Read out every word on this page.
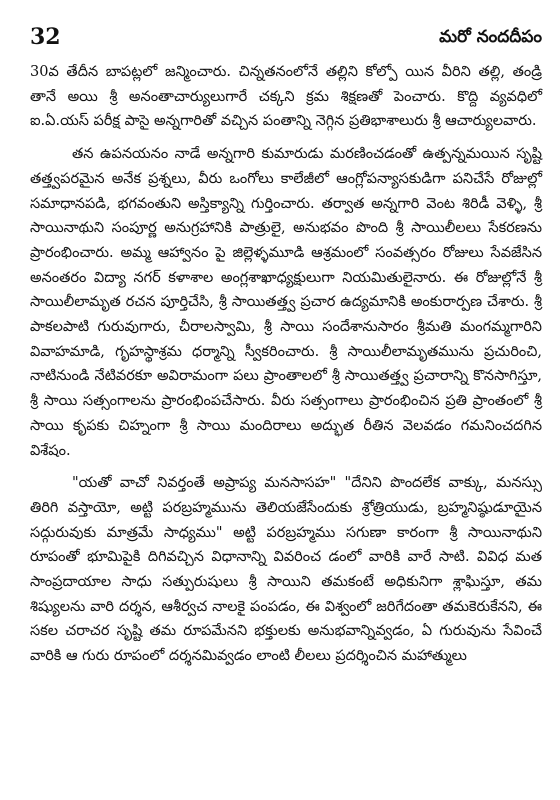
32	మరో నందదీపం

30వ తేదీన బాపట్లలో జన్మించారు. చిన్నతనంలోనే తల్లిని కోల్పో యిన వీరిని తల్లి, తండ్రి తానే అయి శ్రీ అనంతాచార్యులుగారే చక్కని క్రమ శిక్షణతో పెంచారు. కొద్ది వ్యవధిలో ఐ.ఏ.యస్ పరీక్ష పాసై అన్నగారితో వచ్చిన పంతాన్ని నెగ్గిన ప్రతిభాశాలురు శ్రీ ఆచార్యులవారు.

తన ఉపనయనం నాడే అన్నగారి కుమారుడు మరణించడంతో ఉత్పన్నమయిన సృష్టి తత్త్వపరమైన అనేక ప్రశ్నలు, వీరు ఒంగోలు కాలేజీలో ఆంగ్లోపన్యాసకుడిగా పనిచేసే రోజుల్లో సమాధానపడి, భగవంతుని అస్తిక్యాన్ని గుర్తించారు. తర్వాత అన్నగారి వెంట శిరిడీ వెళ్ళి, శ్రీ సాయినాథుని సంపూర్ణ అనుగ్రహానికి పాత్రులై, అనుభవం పొంది శ్రీ సాయిలీలలు సేకరణను ప్రారంభించారు. అమ్మ ఆహ్వానం పై జిల్లెళ్ళమూడి ఆశ్రమంలో సంవత్సరం రోజులు సేవజేసిన అనంతరం విద్యా నగర్ కళాశాల అంగ్లశాఖాధ్యక్షులుగా నియమితులైనారు. ఈ రోజుల్లోనే శ్రీ సాయిలీలామృత రచన పూర్తిచేసి, శ్రీ సాయితత్త్వ ప్రచార ఉద్యమానికి అంకురార్పణ చేశారు. శ్రీ పాకలపాటి గురువుగారు, చీరాలస్వామి, శ్రీ సాయి సందేశానుసారం శ్రీమతి మంగమ్మగారిని వివాహమాడి, గృహస్థాశ్రమ ధర్మాన్ని స్వీకరించారు. శ్రీ సాయిలీలామృతమును ప్రచురించి, నాటినుండి నేటివరకూ అవిరామంగా పలు ప్రాంతాలలో శ్రీ సాయితత్త్వ ప్రచారాన్ని కొనసాగిస్తూ, శ్రీ సాయి సత్సంగాలను ప్రారంభింపచేసారు. వీరు సత్సంగాలు ప్రారంభించిన ప్రతి ప్రాంతంలో శ్రీ సాయి కృపకు చిహ్నంగా శ్రీ సాయి మందిరాలు అద్భుత రీతిన వెలవడం గమనించదగిన విశేషం.

"యతో వాచో నివర్తంతే అప్రాప్య మనసాసహ" "దేనిని పొందలేక వాక్కు, మనస్సు తిరిగి వస్తాయో, అట్టి పరబ్రహ్మమును తెలియజేసేందుకు శ్రోత్రియుడు, బ్రహ్మనిష్ఠుడూయైన సద్గురువుకు మాత్రమే సాధ్యము" అట్టి పరబ్రహ్మము సగుణా కారంగా శ్రీ సాయినాథుని రూపంతో భూమిపైకి దిగివచ్చిన విధానాన్ని వివరించ డంలో వారికి వారే సాటి. వివిధ మత సాంప్రదాయాల సాధు సత్పురుషులు శ్రీ సాయిని తమకంటే అధికునిగా శ్లాఘిస్తూ, తమ శిష్యులను వారి దర్శన, ఆశీర్వచ నాలకై పంపడం, ఈ విశ్వంలో జరిగేదంతా తమకెరుకేనని, ఈ సకల చరాచర సృష్టి తమ రూపమేనని భక్తులకు అనుభవాన్నివ్వడం, ఏ గురువును సేవించే వారికి ఆ గురు రూపంలో దర్శనమివ్వడం లాంటి లీలలు ప్రదర్శించిన మహాత్ములు
